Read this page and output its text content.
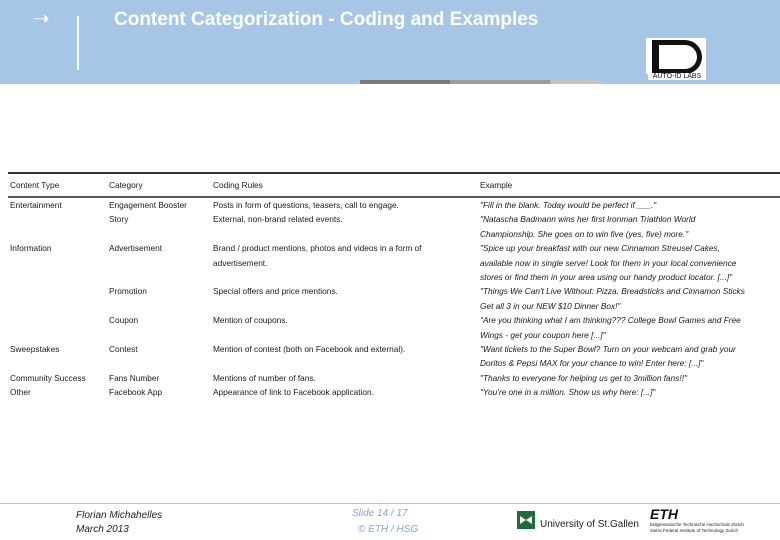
➝	Content Categorization - Coding and Examples
AUTO-ID LABS
Content Type	Category	Coding Rules	Example
Entertainment	Engagement Booster	Posts in form of questions, teasers, call to engage.	"Fill in the blank. Today would be perfect if ___."
	Story	External, non-brand related events.	"Natascha Badmann wins her first Ironman Triathlon World
			Championship. She goes on to win five (yes, five) more."
Information	Advertisement	Brand / product mentions, photos and videos in a form of	"Spice up your breakfast with our new Cinnamon Streusel Cakes,
		advertisement.	available now in single serve! Look for them in your local convenience
			stores or find them in your area using our handy product locator. [...]"
	Promotion	Special offers and price mentions.	"Things We Can't Live Without: Pizza, Breadsticks and Cinnamon Sticks
			Get all 3 in our NEW $10 Dinner Box!"
	Coupon	Mention of coupons.	"Are you thinking what I am thinking??? College Bowl Games and Free
			Wings - get your coupon here [...]"
Sweepstakes	Contest	Mention of contest (both on Facebook and external).	"Want tickets to the Super Bowl? Turn on your webcam and grab your
			Doritos & Pepsi MAX for your chance to win! Enter here: [...]"
Community Success	Fans Number	Mentions of number of fans.	"Thanks to everyone for helping us get to 3million fans!!"
Other	Facebook App	Appearance of link to Facebook application.	"You're one in a million. Show us why here: [...]"
Florian Michahelles
March 2013
Slide 14 / 17
© ETH / HSG	University of St.Gallen
ETH
Eidgenössische Technische Hochschule Zürich
Swiss Federal Institute of Technology Zurich
